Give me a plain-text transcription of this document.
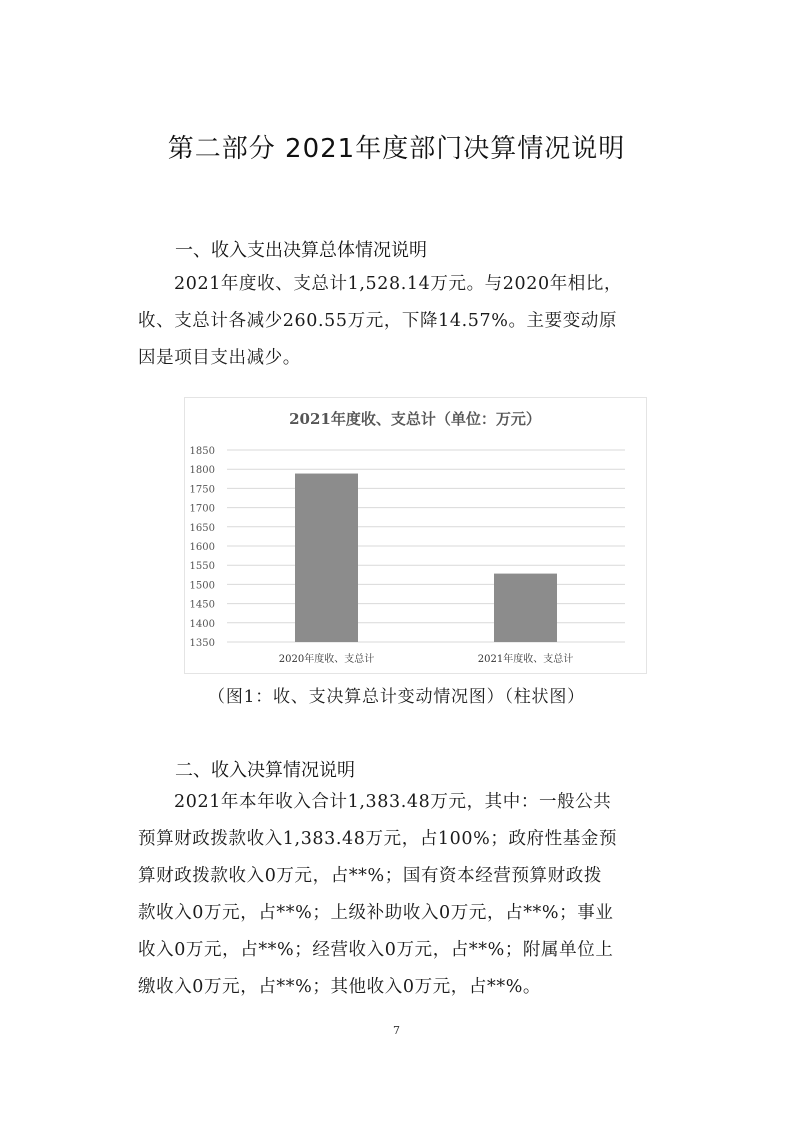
第二部分 2021年度部门决算情况说明
一、收入支出决算总体情况说明
2021年度收、支总计1,528.14万元。与2020年相比，
收、支总计各减少260.55万元，下降14.57%。主要变动原
因是项目支出减少。
2021年度收、支总计（单位：万元）
1350
1400
1450
1500
1550
1600
1650
1700
1750
1800
1850
2020年度收、支总计	2021年度收、支总计
（图1：收、支决算总计变动情况图）（柱状图）
二、收入决算情况说明
2021年本年收入合计1,383.48万元，其中：一般公共
预算财政拨款收入1,383.48万元，占100%；政府性基金预
算财政拨款收入0万元，占**%；国有资本经营预算财政拨
款收入0万元，占**%；上级补助收入0万元，占**%；事业
收入0万元，占**%；经营收入0万元，占**%；附属单位上
缴收入0万元，占**%；其他收入0万元，占**%。
7
